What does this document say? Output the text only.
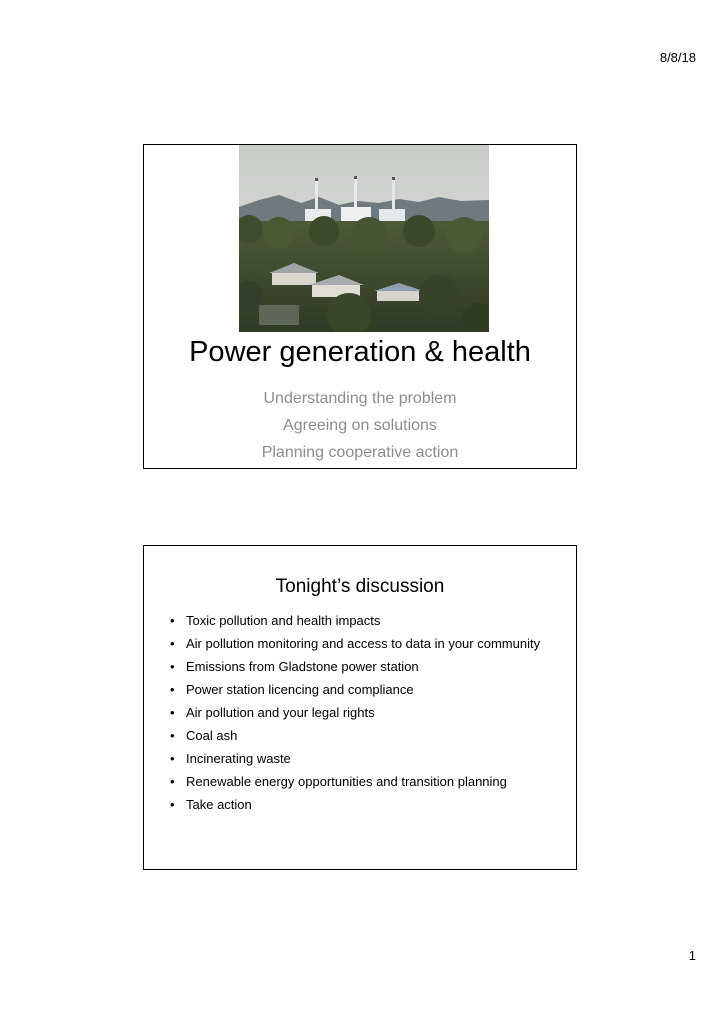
8/8/18
Power generation & health
Understanding the problem
Agreeing on solutions
Planning cooperative action
Tonight’s discussion
• Toxic pollution and health impacts
• Air pollution monitoring and access to data in your community
• Emissions from Gladstone power station
• Power station licencing and compliance
• Air pollution and your legal rights
• Coal ash
• Incinerating waste
• Renewable energy opportunities and transition planning
• Take action
1
